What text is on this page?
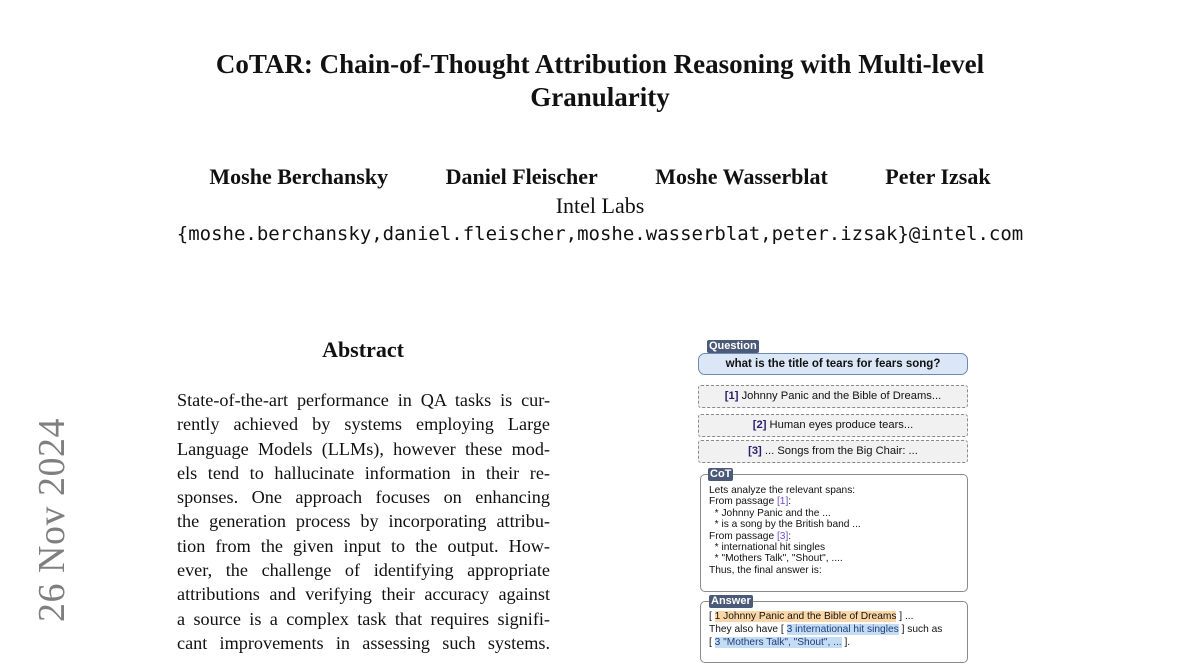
CoTAR: Chain-of-Thought Attribution Reasoning with Multi-level
Granularity
Moshe Berchansky	Daniel Fleischer	Moshe Wasserblat	Peter Izsak
Intel Labs
{moshe.berchansky,daniel.fleischer,moshe.wasserblat,peter.izsak}@intel.com
26 Nov 2024
Abstract
State-of-the-art performance in QA tasks is cur-
rently achieved by systems employing Large
Language Models (LLMs), however these mod-
els tend to hallucinate information in their re-
sponses. One approach focuses on enhancing
the generation process by incorporating attribu-
tion from the given input to the output. How-
ever, the challenge of identifying appropriate
attributions and verifying their accuracy against
a source is a complex task that requires signifi-
cant improvements in assessing such systems.
Question
what is the title of tears for fears song?
[1] Johnny Panic and the Bible of Dreams...
[2] Human eyes produce tears...
[3] ... Songs from the Big Chair: ...
Lets analyze the relevant spans:
From passage [1]:
* Johnny Panic and the ...
* is a song by the British band ...
From passage [3]:
* international hit singles
* "Mothers Talk", "Shout", ....
Thus, the final answer is:
CoT
[ 1 Johnny Panic and the Bible of Dreams ] ...
They also have [ 3 international hit singles ] such as
[ 3 "Mothers Talk", "Shout", ... ].
Answer
